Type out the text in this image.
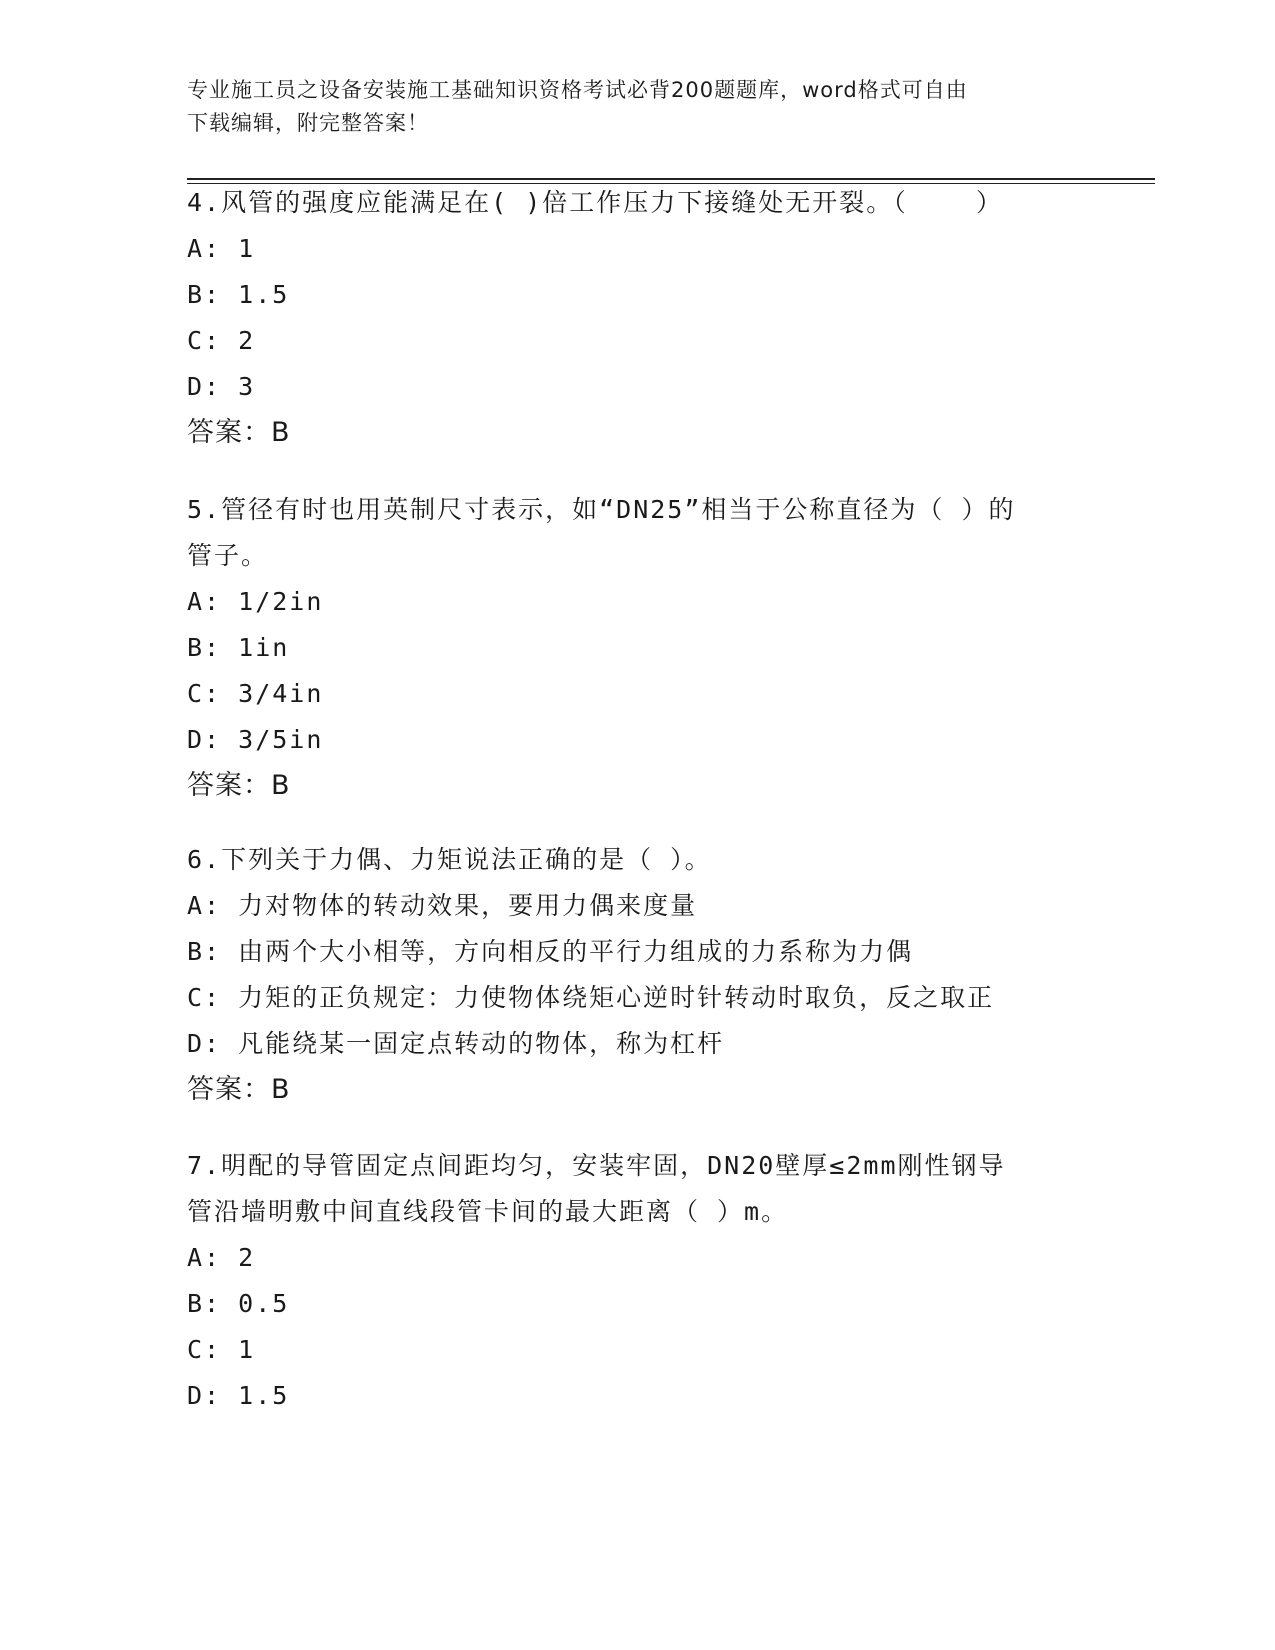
专业施工员之设备安装施工基础知识资格考试必背200题题库，word格式可自由
下载编辑，附完整答案！
4.风管的强度应能满足在( )倍工作压力下接缝处无开裂。（    ）
A: 1
B: 1.5
C: 2
D: 3
答案：B
5.管径有时也用英制尺寸表示，如“DN25”相当于公称直径为（ ）的
管子。
A: 1/2in
B: 1in
C: 3/4in
D: 3/5in
答案：B
6.下列关于力偶、力矩说法正确的是（ ）。
A: 力对物体的转动效果，要用力偶来度量
B: 由两个大小相等，方向相反的平行力组成的力系称为力偶
C: 力矩的正负规定：力使物体绕矩心逆时针转动时取负，反之取正
D: 凡能绕某一固定点转动的物体，称为杠杆
答案：B
7.明配的导管固定点间距均匀，安装牢固，DN20壁厚≤2mm刚性钢导
管沿墙明敷中间直线段管卡间的最大距离（ ）m。
A: 2
B: 0.5
C: 1
D: 1.5
